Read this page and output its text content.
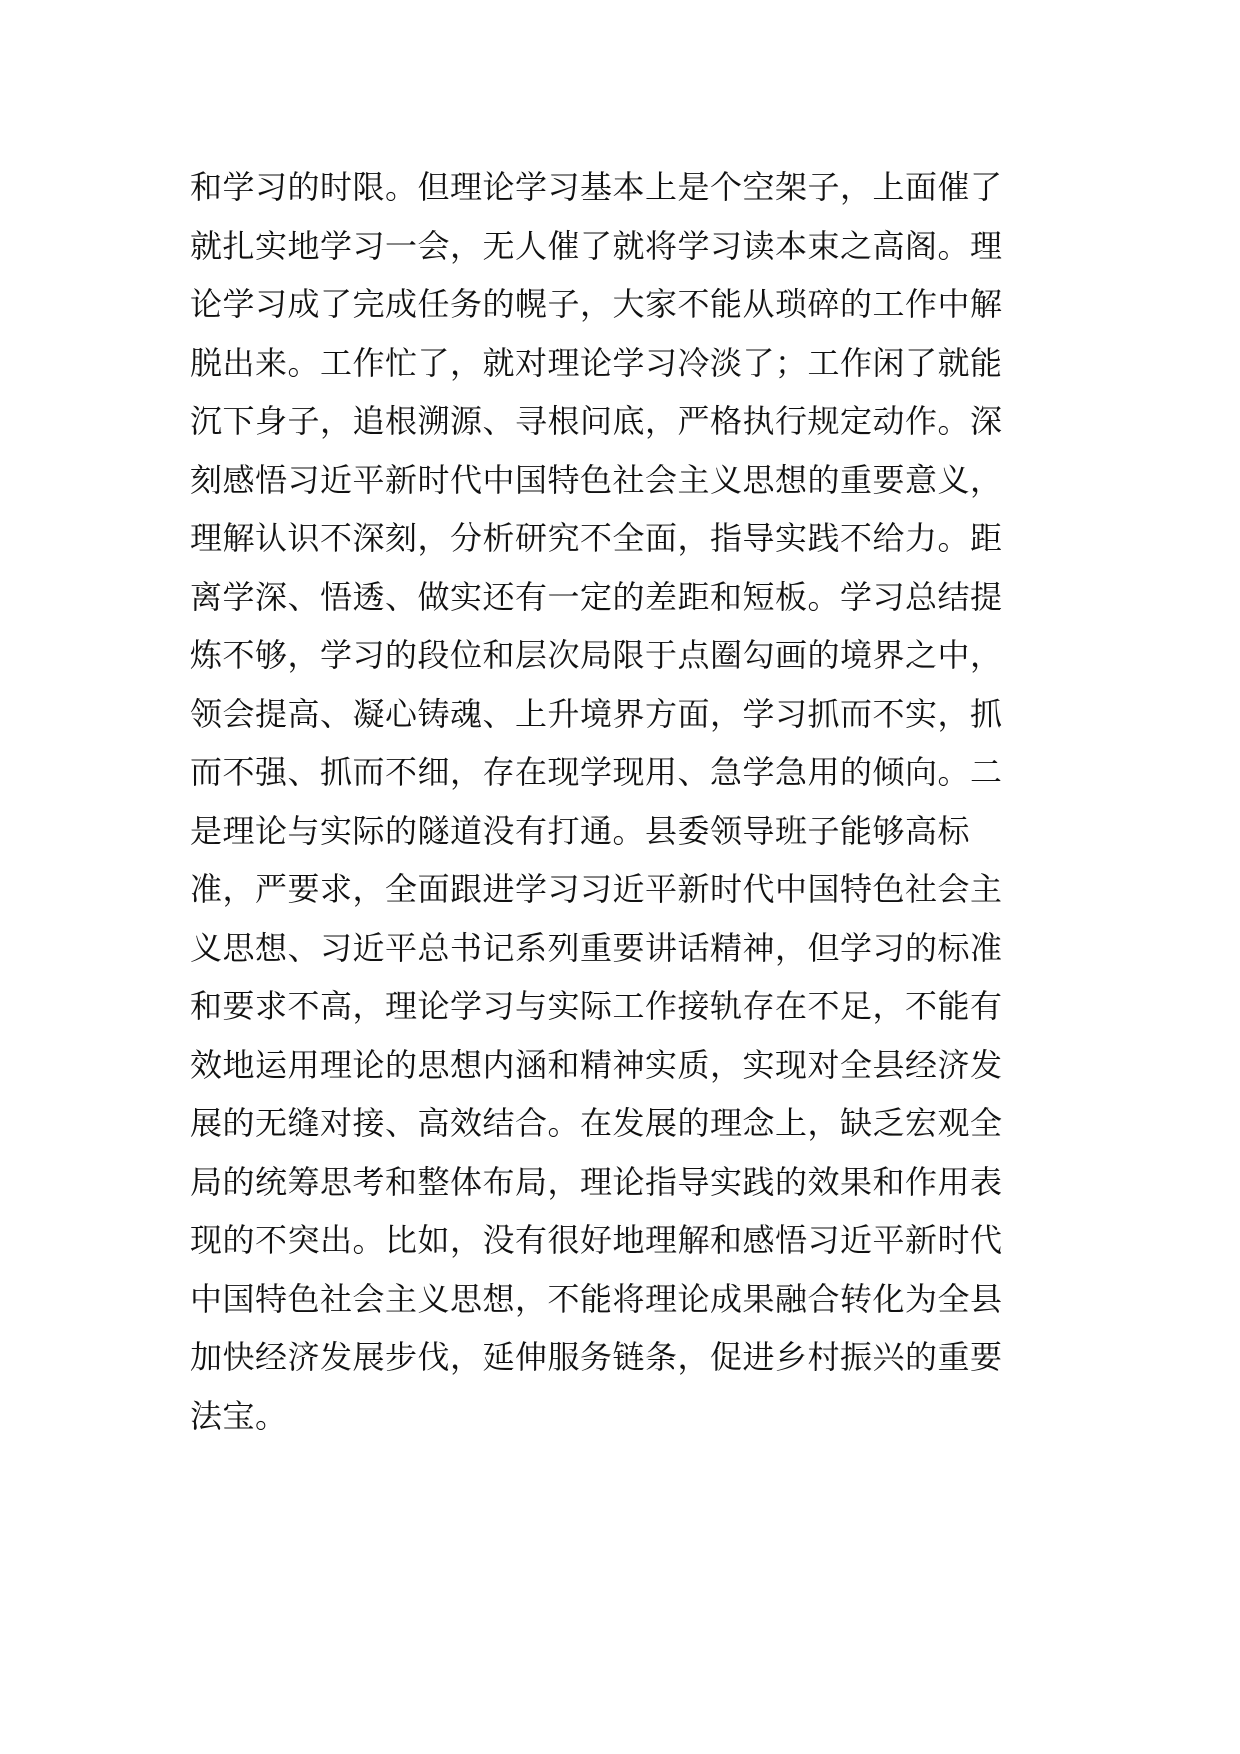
和学习的时限。但理论学习基本上是个空架子，上面催了
就扎实地学习一会，无人催了就将学习读本束之高阁。理
论学习成了完成任务的幌子，大家不能从琐碎的工作中解
脱出来。工作忙了，就对理论学习冷淡了；工作闲了就能
沉下身子，追根溯源、寻根问底，严格执行规定动作。深
刻感悟习近平新时代中国特色社会主义思想的重要意义，
理解认识不深刻，分析研究不全面，指导实践不给力。距
离学深、悟透、做实还有一定的差距和短板。学习总结提
炼不够，学习的段位和层次局限于点圈勾画的境界之中，
领会提高、凝心铸魂、上升境界方面，学习抓而不实，抓
而不强、抓而不细，存在现学现用、急学急用的倾向。二
是理论与实际的隧道没有打通。县委领导班子能够高标
准，严要求，全面跟进学习习近平新时代中国特色社会主
义思想、习近平总书记系列重要讲话精神，但学习的标准
和要求不高，理论学习与实际工作接轨存在不足，不能有
效地运用理论的思想内涵和精神实质，实现对全县经济发
展的无缝对接、高效结合。在发展的理念上，缺乏宏观全
局的统筹思考和整体布局，理论指导实践的效果和作用表
现的不突出。比如，没有很好地理解和感悟习近平新时代
中国特色社会主义思想，不能将理论成果融合转化为全县
加快经济发展步伐，延伸服务链条，促进乡村振兴的重要
法宝。
